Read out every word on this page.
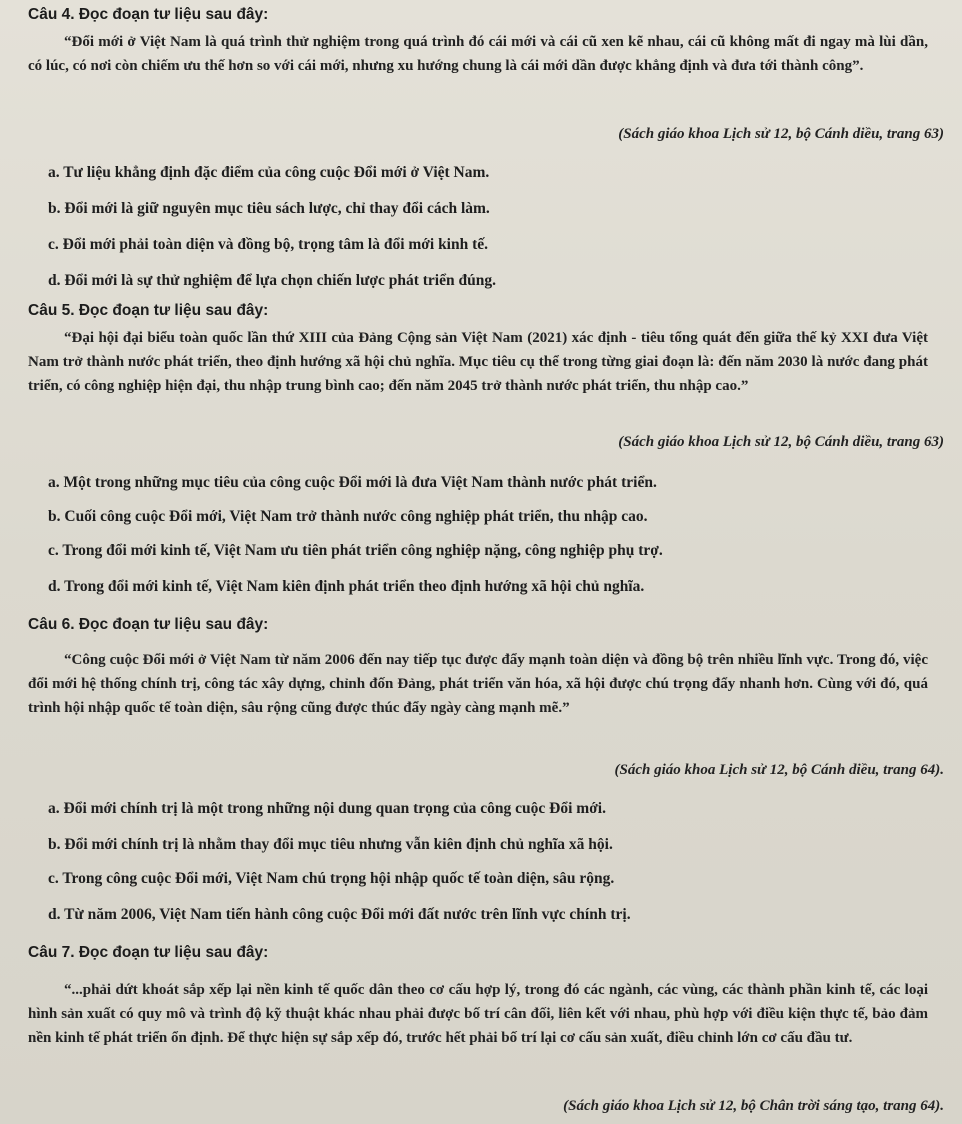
Câu 4. Đọc đoạn tư liệu sau đây:
“Đổi mới ở Việt Nam là quá trình thử nghiệm trong quá trình đó cái mới và cái cũ xen kẽ nhau, cái cũ không mất đi ngay mà lùi dần, có lúc, có nơi còn chiếm ưu thế hơn so với cái mới, nhưng xu hướng chung là cái mới dần được khẳng định và đưa tới thành công”.
(Sách giáo khoa Lịch sử 12, bộ Cánh diều, trang 63)
a. Tư liệu khẳng định đặc điểm của công cuộc Đổi mới ở Việt Nam.
b. Đổi mới là giữ nguyên mục tiêu sách lược, chỉ thay đổi cách làm.
c. Đổi mới phải toàn diện và đồng bộ, trọng tâm là đổi mới kinh tế.
d. Đổi mới là sự thử nghiệm để lựa chọn chiến lược phát triển đúng.
Câu 5. Đọc đoạn tư liệu sau đây:
“Đại hội đại biểu toàn quốc lần thứ XIII của Đảng Cộng sản Việt Nam (2021) xác định - tiêu tổng quát đến giữa thế kỷ XXI đưa Việt Nam trở thành nước phát triển, theo định hướng xã hội chủ nghĩa. Mục tiêu cụ thể trong từng giai đoạn là: đến năm 2030 là nước đang phát triển, có công nghiệp hiện đại, thu nhập trung bình cao; đến năm 2045 trở thành nước phát triển, thu nhập cao.”
(Sách giáo khoa Lịch sử 12, bộ Cánh diều, trang 63)
a. Một trong những mục tiêu của công cuộc Đổi mới là đưa Việt Nam thành nước phát triển.
b. Cuối công cuộc Đổi mới, Việt Nam trở thành nước công nghiệp phát triển, thu nhập cao.
c. Trong đổi mới kinh tế, Việt Nam ưu tiên phát triển công nghiệp nặng, công nghiệp phụ trợ.
d. Trong đổi mới kinh tế, Việt Nam kiên định phát triển theo định hướng xã hội chủ nghĩa.
Câu 6. Đọc đoạn tư liệu sau đây:
“Công cuộc Đổi mới ở Việt Nam từ năm 2006 đến nay tiếp tục được đẩy mạnh toàn diện và đồng bộ trên nhiều lĩnh vực. Trong đó, việc đổi mới hệ thống chính trị, công tác xây dựng, chỉnh đốn Đảng, phát triển văn hóa, xã hội được chú trọng đẩy nhanh hơn. Cùng với đó, quá trình hội nhập quốc tế toàn diện, sâu rộng cũng được thúc đẩy ngày càng mạnh mẽ.”
(Sách giáo khoa Lịch sử 12, bộ Cánh diều, trang 64).
a. Đổi mới chính trị là một trong những nội dung quan trọng của công cuộc Đổi mới.
b. Đổi mới chính trị là nhằm thay đổi mục tiêu nhưng vẫn kiên định chủ nghĩa xã hội.
c. Trong công cuộc Đổi mới, Việt Nam chú trọng hội nhập quốc tế toàn diện, sâu rộng.
d. Từ năm 2006, Việt Nam tiến hành công cuộc Đổi mới đất nước trên lĩnh vực chính trị.
Câu 7. Đọc đoạn tư liệu sau đây:
“...phải dứt khoát sắp xếp lại nền kinh tế quốc dân theo cơ cấu hợp lý, trong đó các ngành, các vùng, các thành phần kinh tế, các loại hình sản xuất có quy mô và trình độ kỹ thuật khác nhau phải được bố trí cân đối, liên kết với nhau, phù hợp với điều kiện thực tế, bảo đảm nền kinh tế phát triển ổn định. Để thực hiện sự sắp xếp đó, trước hết phải bố trí lại cơ cấu sản xuất, điều chỉnh lớn cơ cấu đầu tư.
(Sách giáo khoa Lịch sử 12, bộ Chân trời sáng tạo, trang 64).
